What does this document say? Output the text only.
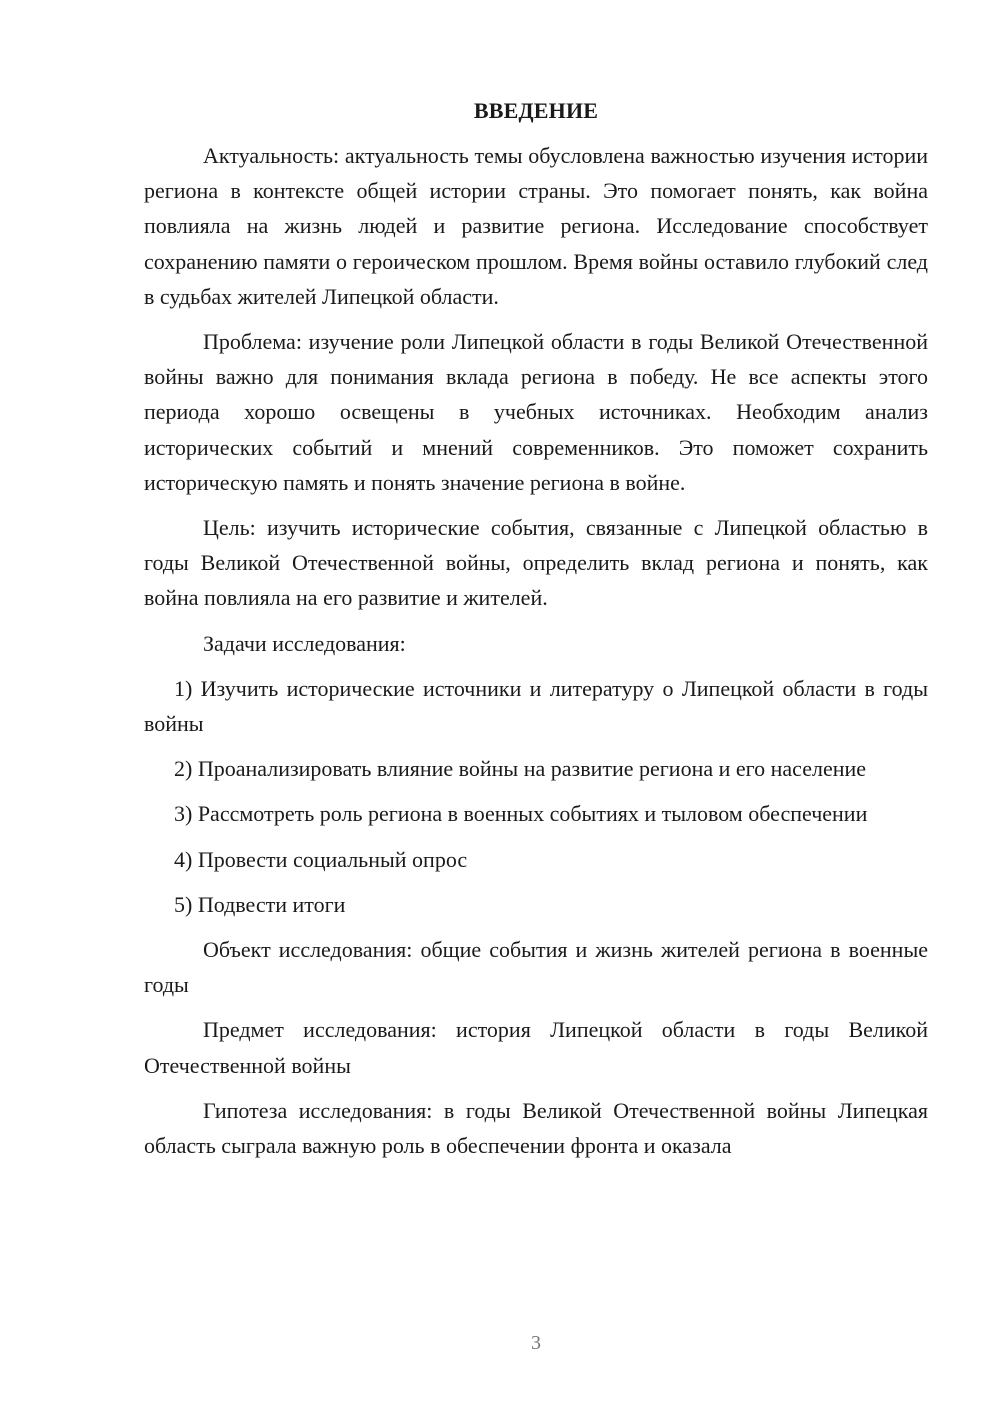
ВВЕДЕНИЕ

Актуальность: актуальность темы обусловлена важностью изучения истории региона в контексте общей истории страны. Это помогает понять, как война повлияла на жизнь людей и развитие региона. Исследование способствует сохранению памяти о героическом прошлом. Время войны оставило глубокий след в судьбах жителей Липецкой области.

Проблема: изучение роли Липецкой области в годы Великой Отечественной войны важно для понимания вклада региона в победу. Не все аспекты этого периода хорошо освещены в учебных источниках. Необходим анализ исторических событий и мнений современников. Это поможет сохранить историческую память и понять значение региона в войне.

Цель: изучить исторические события, связанные с Липецкой областью в годы Великой Отечественной войны, определить вклад региона и понять, как война повлияла на его развитие и жителей.

Задачи исследования:

1) Изучить исторические источники и литературу о Липецкой области в годы войны

2) Проанализировать влияние войны на развитие региона и его население

3) Рассмотреть роль региона в военных событиях и тыловом обеспечении

4) Провести социальный опрос

5) Подвести итоги

Объект исследования: общие события и жизнь жителей региона в военные годы

Предмет исследования: история Липецкой области в годы Великой Отечественной войны

Гипотеза исследования: в годы Великой Отечественной войны Липецкая область сыграла важную роль в обеспечении фронта и оказала

3
